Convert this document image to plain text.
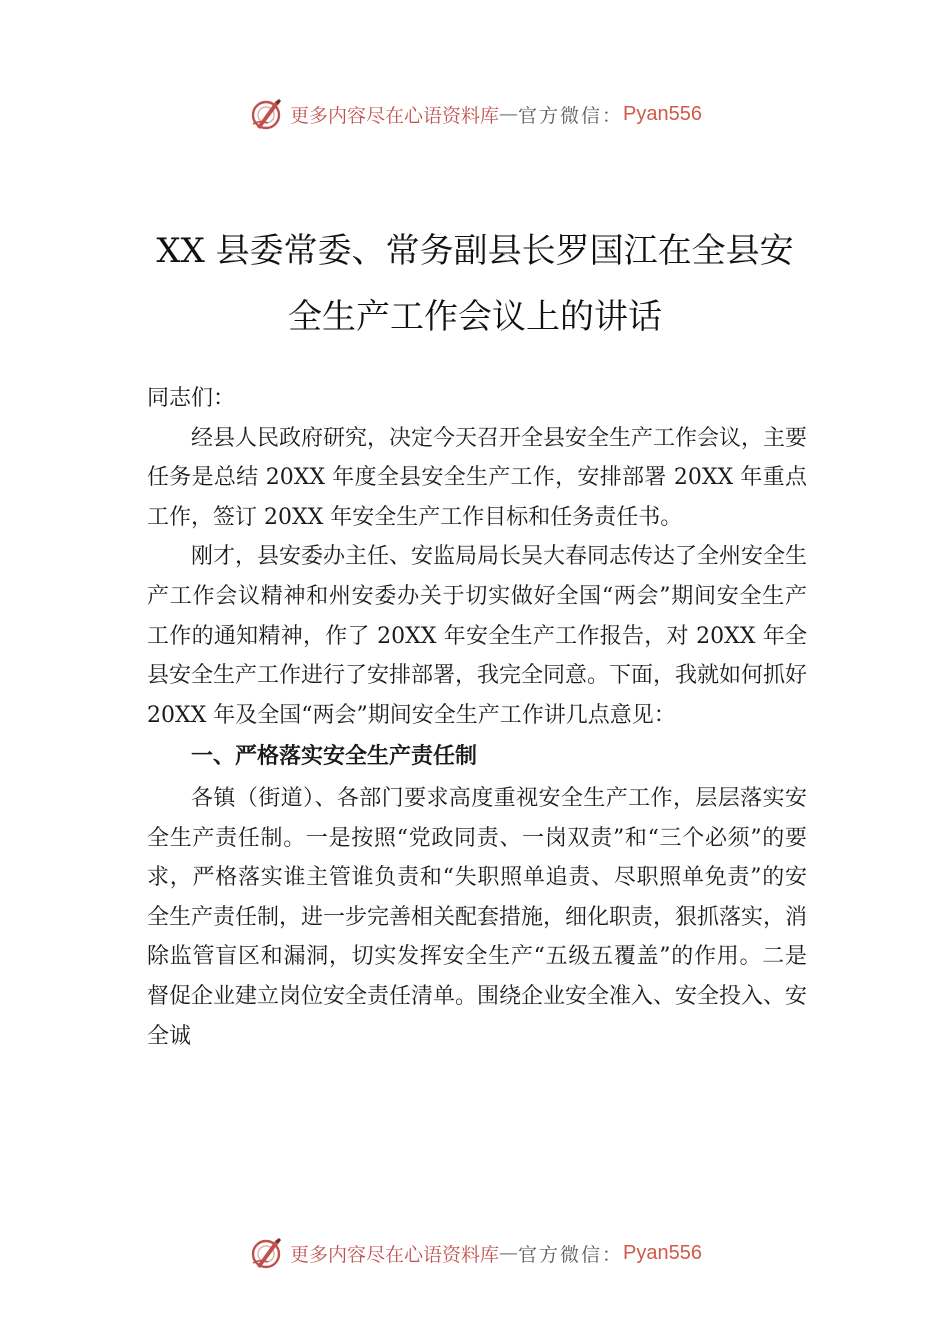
更多内容尽在心语资料库 — 官方微信： Pyan556
XX 县委常委、常务副县长罗国江在全县安
全生产工作会议上的讲话

同志们：

经县人民政府研究，决定今天召开全县安全生产工作会议，主要任务是总结 20XX 年度全县安全生产工作，安排部署 20XX 年重点工作，签订 20XX 年安全生产工作目标和任务责任书。

刚才，县安委办主任、安监局局长吴大春同志传达了全州安全生产工作会议精神和州安委办关于切实做好全国“两会”期间安全生产工作的通知精神，作了 20XX 年安全生产工作报告，对 20XX 年全县安全生产工作进行了安排部署，我完全同意。下面，我就如何抓好 20XX 年及全国“两会”期间安全生产工作讲几点意见：

一、严格落实安全生产责任制

各镇（街道）、各部门要求高度重视安全生产工作，层层落实安全生产责任制。一是按照“党政同责、一岗双责”和“三个必须”的要求，严格落实谁主管谁负责和“失职照单追责、尽职照单免责”的安全生产责任制，进一步完善相关配套措施，细化职责，狠抓落实，消除监管盲区和漏洞，切实发挥安全生产“五级五覆盖”的作用。二是督促企业建立岗位安全责任清单。围绕企业安全准入、安全投入、安全诚

更多内容尽在心语资料库 — 官方微信： Pyan556
